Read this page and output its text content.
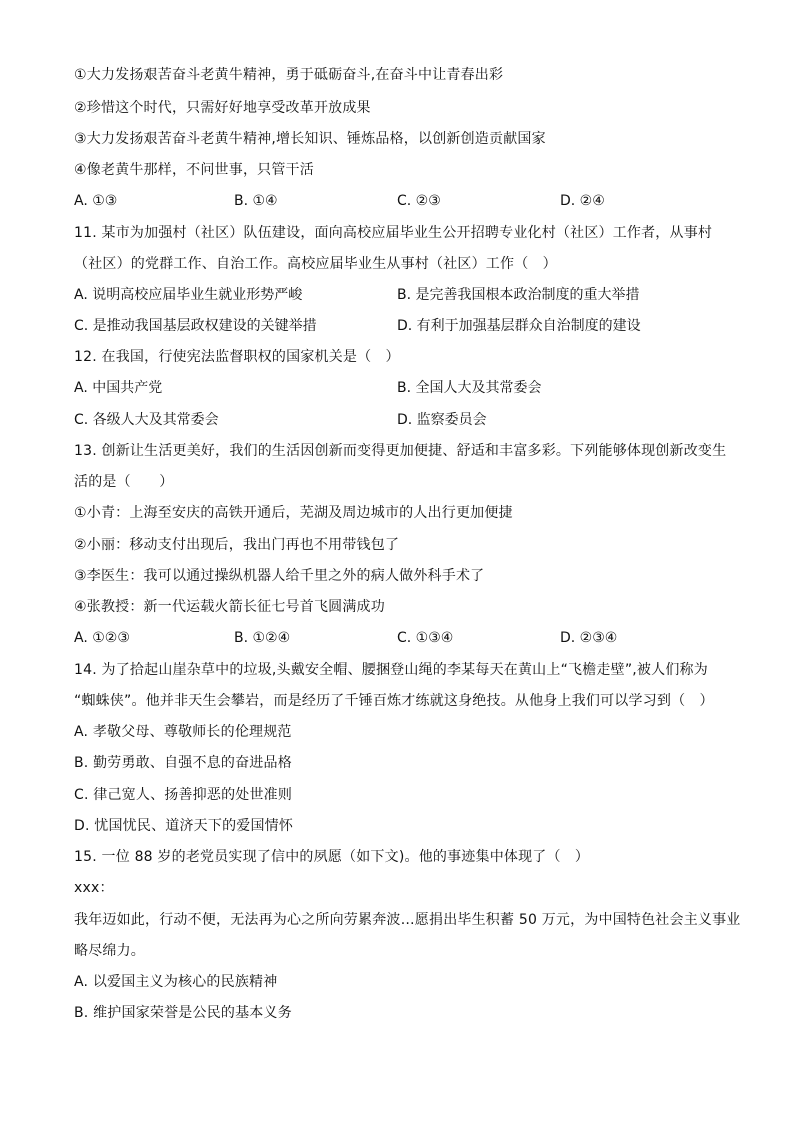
①大力发扬艰苦奋斗老黄牛精神，勇于砥砺奋斗,在奋斗中让青春出彩
②珍惜这个时代，只需好好地享受改革开放成果
③大力发扬艰苦奋斗老黄牛精神,增长知识、锤炼品格，以创新创造贡献国家
④像老黄牛那样，不问世事，只管干活
A. ①③	B. ①④	C. ②③	D. ②④
11. 某市为加强村（社区）队伍建设，面向高校应届毕业生公开招聘专业化村（社区）工作者，从事村
（社区）的党群工作、自治工作。高校应届毕业生从事村（社区）工作（　）
A. 说明高校应届毕业生就业形势严峻	B. 是完善我国根本政治制度的重大举措
C. 是推动我国基层政权建设的关键举措	D. 有利于加强基层群众自治制度的建设
12. 在我国，行使宪法监督职权的国家机关是（　）
A. 中国共产党	B. 全国人大及其常委会
C. 各级人大及其常委会	D. 监察委员会
13. 创新让生活更美好，我们的生活因创新而变得更加便捷、舒适和丰富多彩。下列能够体现创新改变生
活的是（　　）
①小青：上海至安庆的高铁开通后，芜湖及周边城市的人出行更加便捷
②小丽：移动支付出现后，我出门再也不用带钱包了
③李医生：我可以通过操纵机器人给千里之外的病人做外科手术了
④张教授：新一代运载火箭长征七号首飞圆满成功
A. ①②③	B. ①②④	C. ①③④	D. ②③④
14. 为了拾起山崖杂草中的垃圾,头戴安全帽、腰捆登山绳的李某每天在黄山上“飞檐走壁”,被人们称为
“蜘蛛侠”。他并非天生会攀岩，而是经历了千锤百炼才练就这身绝技。从他身上我们可以学习到（　）
A. 孝敬父母、尊敬师长的伦理规范
B. 勤劳勇敢、自强不息的奋进品格
C. 律己宽人、扬善抑恶的处世准则
D. 忧国忧民、道济天下的爱国情怀
15. 一位 88 岁的老党员实现了信中的夙愿（如下文)。他的事迹集中体现了（　）
xxx：
我年迈如此，行动不便，无法再为心之所向劳累奔波…愿捐出毕生积蓄 50 万元，为中国特色社会主义事业
略尽绵力。
A. 以爱国主义为核心的民族精神
B. 维护国家荣誉是公民的基本义务
